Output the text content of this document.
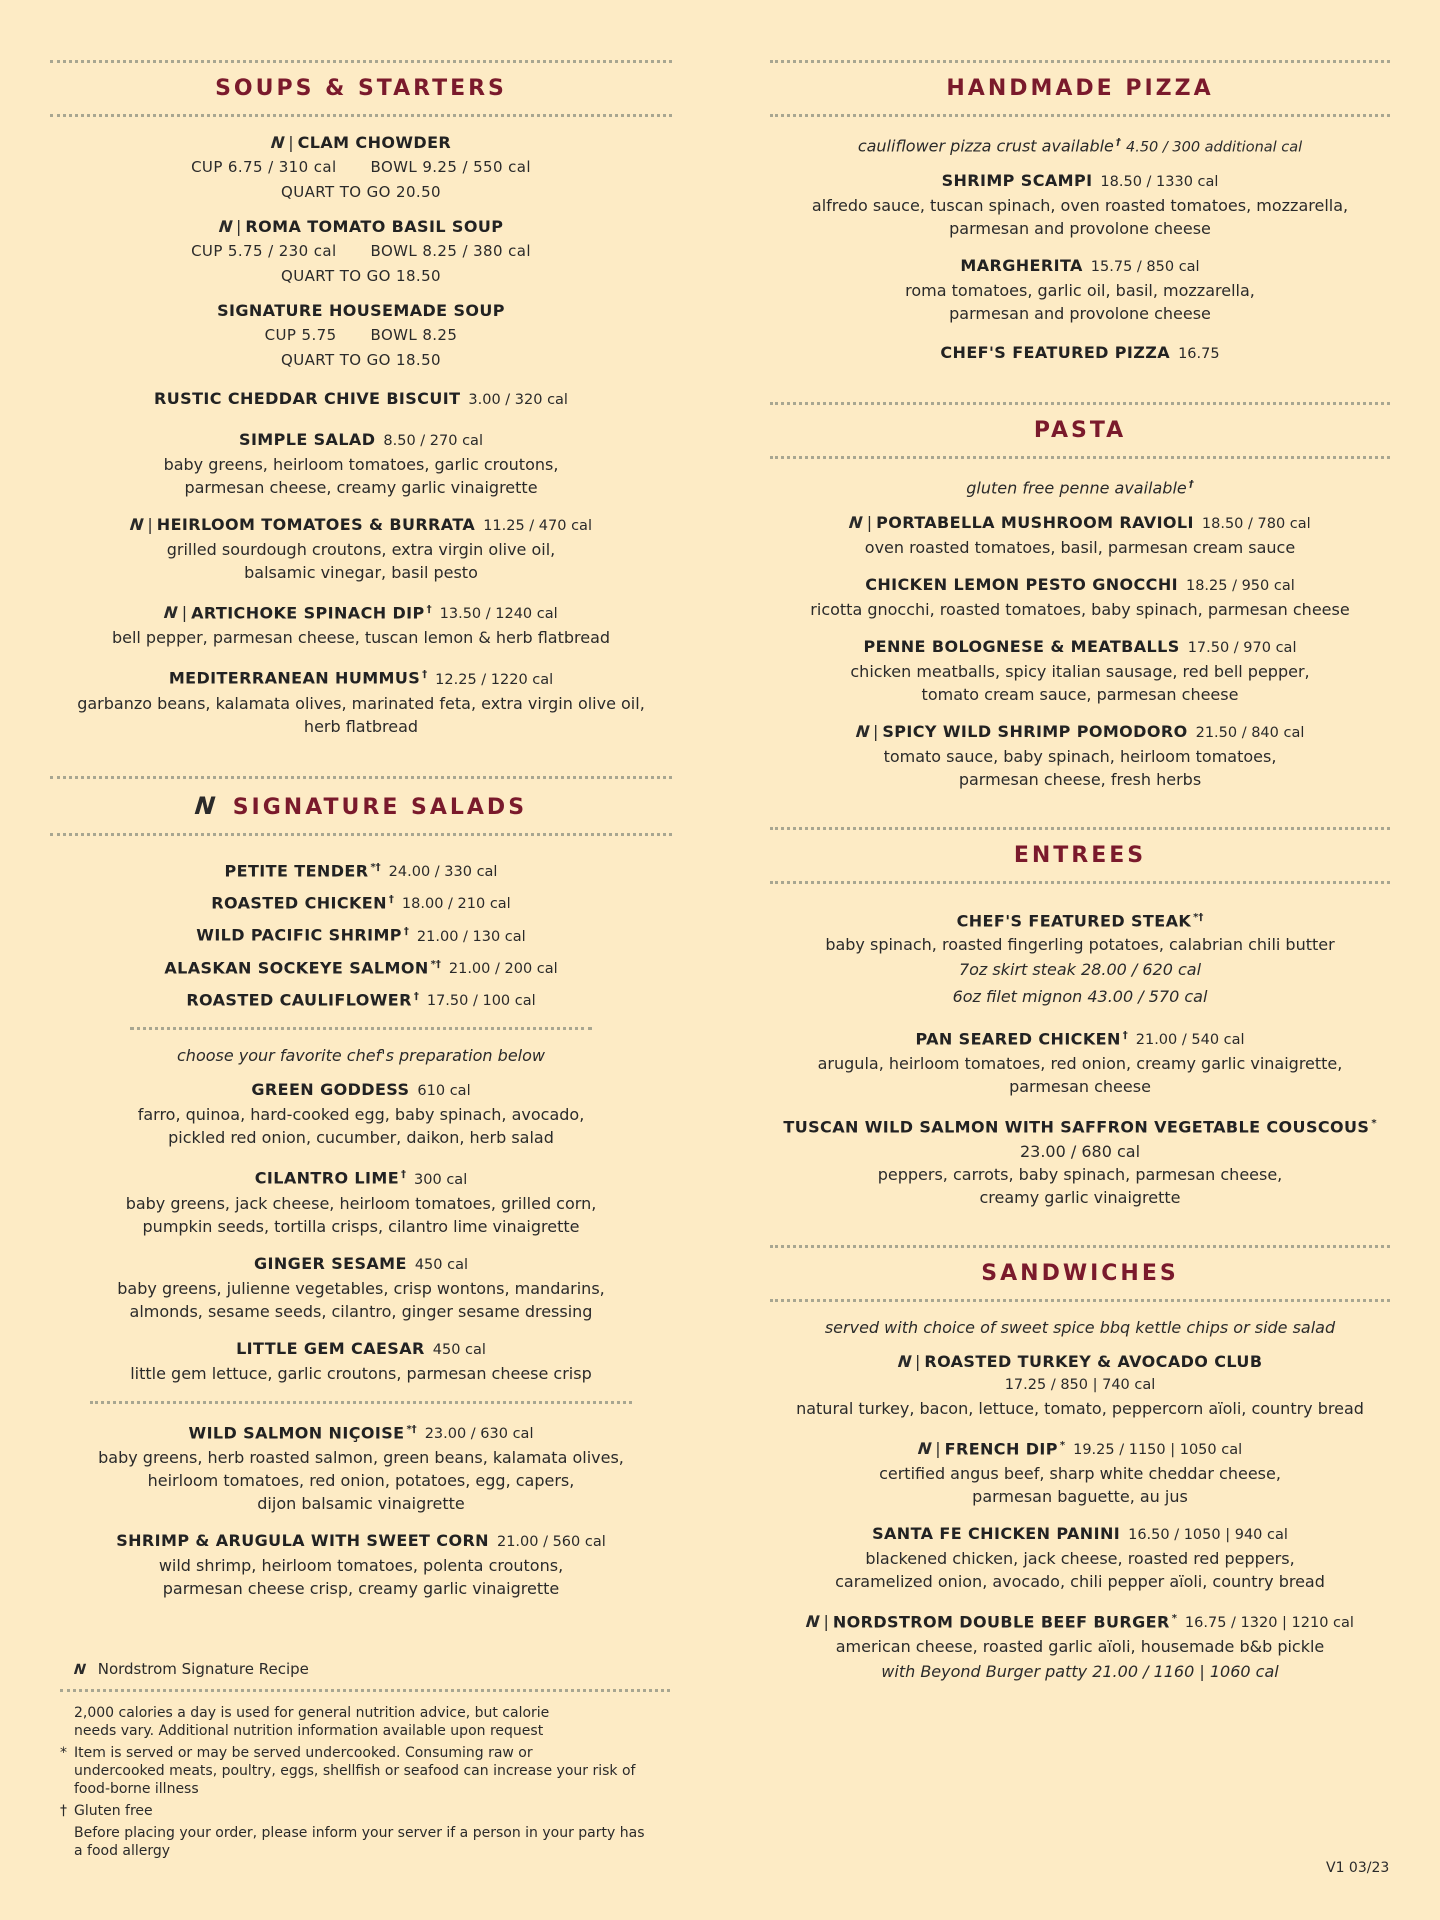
SOUPS & STARTERS
N | CLAM CHOWDER
CUP 6.75 / 310 cal BOWL 9.25 / 550 cal
QUART TO GO 20.50
N | ROMA TOMATO BASIL SOUP
CUP 5.75 / 230 cal BOWL 8.25 / 380 cal
QUART TO GO 18.50
SIGNATURE HOUSEMADE SOUP
CUP 5.75 BOWL 8.25
QUART TO GO 18.50
RUSTIC CHEDDAR CHIVE BISCUIT 3.00 / 320 cal
SIMPLE SALAD 8.50 / 270 cal
baby greens, heirloom tomatoes, garlic croutons,
parmesan cheese, creamy garlic vinaigrette
N | HEIRLOOM TOMATOES & BURRATA 11.25 / 470 cal
grilled sourdough croutons, extra virgin olive oil,
balsamic vinegar, basil pesto
N | ARTICHOKE SPINACH DIP † 13.50 / 1240 cal
bell pepper, parmesan cheese, tuscan lemon & herb flatbread
MEDITERRANEAN HUMMUS † 12.25 / 1220 cal
garbanzo beans, kalamata olives, marinated feta, extra virgin olive oil,
herb flatbread
N SIGNATURE SALADS
PETITE TENDER *† 24.00 / 330 cal
ROASTED CHICKEN † 18.00 / 210 cal
WILD PACIFIC SHRIMP † 21.00 / 130 cal
ALASKAN SOCKEYE SALMON *† 21.00 / 200 cal
ROASTED CAULIFLOWER † 17.50 / 100 cal
choose your favorite chef's preparation below
GREEN GODDESS 610 cal
farro, quinoa, hard-cooked egg, baby spinach, avocado,
pickled red onion, cucumber, daikon, herb salad
CILANTRO LIME † 300 cal
baby greens, jack cheese, heirloom tomatoes, grilled corn,
pumpkin seeds, tortilla crisps, cilantro lime vinaigrette
GINGER SESAME 450 cal
baby greens, julienne vegetables, crisp wontons, mandarins,
almonds, sesame seeds, cilantro, ginger sesame dressing
LITTLE GEM CAESAR 450 cal
little gem lettuce, garlic croutons, parmesan cheese crisp
WILD SALMON NIÇOISE *† 23.00 / 630 cal
baby greens, herb roasted salmon, green beans, kalamata olives,
heirloom tomatoes, red onion, potatoes, egg, capers,
dijon balsamic vinaigrette
SHRIMP & ARUGULA WITH SWEET CORN 21.00 / 560 cal
wild shrimp, heirloom tomatoes, polenta croutons,
parmesan cheese crisp, creamy garlic vinaigrette
HANDMADE PIZZA
cauliflower pizza crust available † 4.50 / 300 additional cal
SHRIMP SCAMPI 18.50 / 1330 cal
alfredo sauce, tuscan spinach, oven roasted tomatoes, mozzarella,
parmesan and provolone cheese
MARGHERITA 15.75 / 850 cal
roma tomatoes, garlic oil, basil, mozzarella,
parmesan and provolone cheese
CHEF'S FEATURED PIZZA 16.75
PASTA
gluten free penne available †
N | PORTABELLA MUSHROOM RAVIOLI 18.50 / 780 cal
oven roasted tomatoes, basil, parmesan cream sauce
CHICKEN LEMON PESTO GNOCCHI 18.25 / 950 cal
ricotta gnocchi, roasted tomatoes, baby spinach, parmesan cheese
PENNE BOLOGNESE & MEATBALLS 17.50 / 970 cal
chicken meatballs, spicy italian sausage, red bell pepper,
tomato cream sauce, parmesan cheese
N | SPICY WILD SHRIMP POMODORO 21.50 / 840 cal
tomato sauce, baby spinach, heirloom tomatoes,
parmesan cheese, fresh herbs
ENTREES
CHEF'S FEATURED STEAK *†
baby spinach, roasted fingerling potatoes, calabrian chili butter
7oz skirt steak 28.00 / 620 cal
6oz filet mignon 43.00 / 570 cal
PAN SEARED CHICKEN † 21.00 / 540 cal
arugula, heirloom tomatoes, red onion, creamy garlic vinaigrette,
parmesan cheese
TUSCAN WILD SALMON WITH SAFFRON VEGETABLE COUSCOUS *
23.00 / 680 cal
peppers, carrots, baby spinach, parmesan cheese,
creamy garlic vinaigrette
SANDWICHES
served with choice of sweet spice bbq kettle chips or side salad
N | ROASTED TURKEY & AVOCADO CLUB
17.25 / 850 | 740 cal
natural turkey, bacon, lettuce, tomato, peppercorn aïoli, country bread
N | FRENCH DIP * 19.25 / 1150 | 1050 cal
certified angus beef, sharp white cheddar cheese,
parmesan baguette, au jus
SANTA FE CHICKEN PANINI 16.50 / 1050 | 940 cal
blackened chicken, jack cheese, roasted red peppers,
caramelized onion, avocado, chili pepper aïoli, country bread
N | NORDSTROM DOUBLE BEEF BURGER * 16.75 / 1320 | 1210 cal
american cheese, roasted garlic aïoli, housemade b&b pickle
with Beyond Burger patty 21.00 / 1160 | 1060 cal
N Nordstrom Signature Recipe
2,000 calories a day is used for general nutrition advice, but calorie
needs vary. Additional nutrition information available upon request
* Item is served or may be served undercooked. Consuming raw or
undercooked meats, poultry, eggs, shellfish or seafood can increase your risk of
food-borne illness
† Gluten free
Before placing your order, please inform your server if a person in your party has
a food allergy
V1 03/23
